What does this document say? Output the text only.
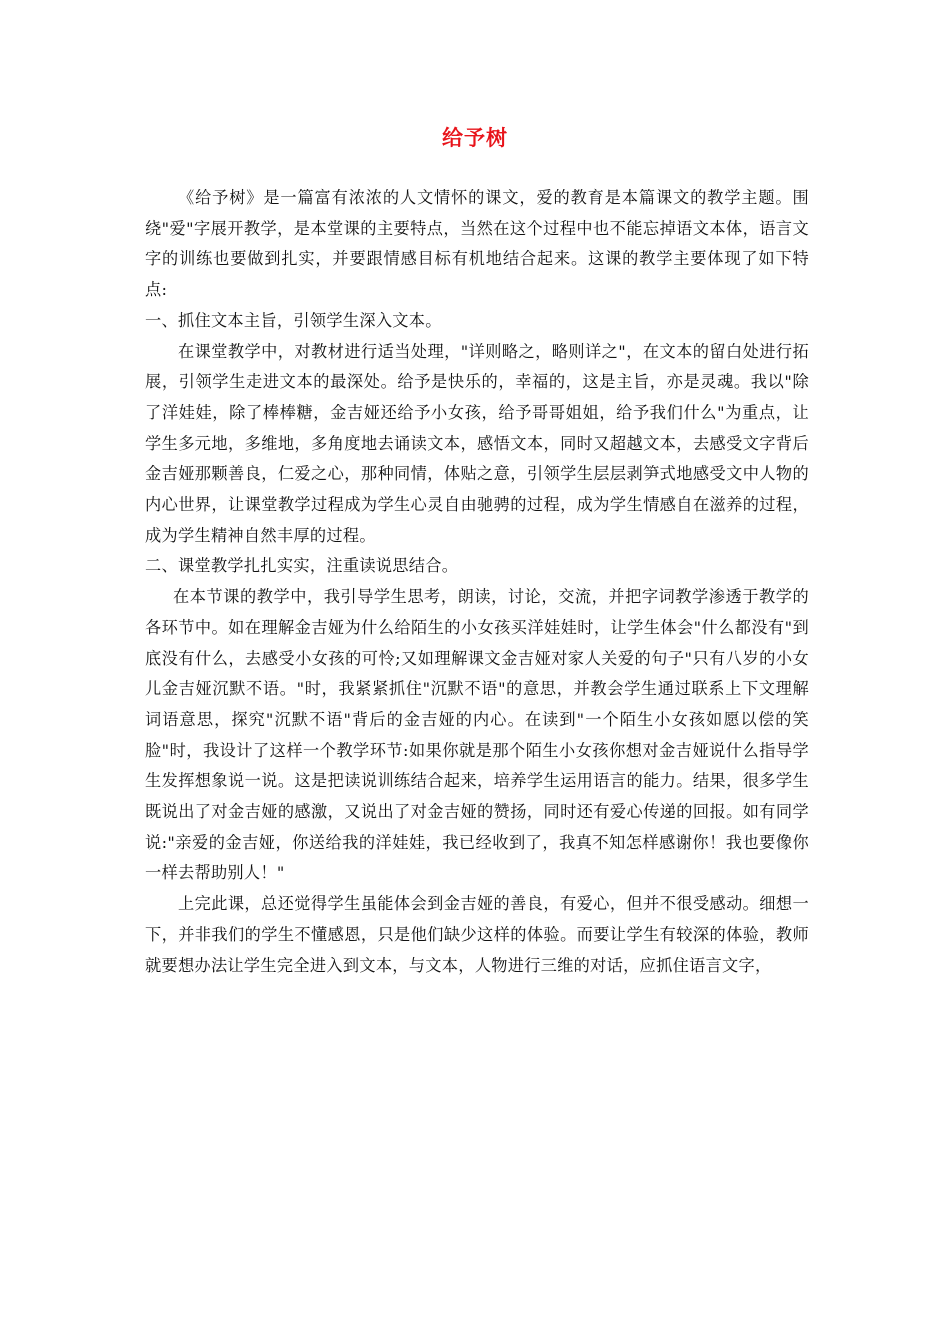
给予树

《给予树》是一篇富有浓浓的人文情怀的课文，爱的教育是本篇课文的教学主题。围绕"爱"字展开教学，是本堂课的主要特点，当然在这个过程中也不能忘掉语文本体，语言文字的训练也要做到扎实，并要跟情感目标有机地结合起来。这课的教学主要体现了如下特点:

一、抓住文本主旨，引领学生深入文本。

在课堂教学中，对教材进行适当处理，"详则略之，略则详之"，在文本的留白处进行拓展，引领学生走进文本的最深处。给予是快乐的，幸福的，这是主旨，亦是灵魂。我以"除了洋娃娃，除了棒棒糖，金吉娅还给予小女孩，给予哥哥姐姐，给予我们什么"为重点，让学生多元地，多维地，多角度地去诵读文本，感悟文本，同时又超越文本，去感受文字背后金吉娅那颗善良，仁爱之心，那种同情，体贴之意，引领学生层层剥笋式地感受文中人物的内心世界，让课堂教学过程成为学生心灵自由驰骋的过程，成为学生情感自在滋养的过程，成为学生精神自然丰厚的过程。

二、课堂教学扎扎实实，注重读说思结合。

在本节课的教学中，我引导学生思考，朗读，讨论，交流，并把字词教学渗透于教学的各环节中。如在理解金吉娅为什么给陌生的小女孩买洋娃娃时，让学生体会"什么都没有"到底没有什么，去感受小女孩的可怜;又如理解课文金吉娅对家人关爱的句子"只有八岁的小女儿金吉娅沉默不语。"时，我紧紧抓住"沉默不语"的意思，并教会学生通过联系上下文理解词语意思，探究"沉默不语"背后的金吉娅的内心。在读到"一个陌生小女孩如愿以偿的笑脸"时，我设计了这样一个教学环节:如果你就是那个陌生小女孩你想对金吉娅说什么指导学生发挥想象说一说。这是把读说训练结合起来，培养学生运用语言的能力。结果，很多学生既说出了对金吉娅的感激，又说出了对金吉娅的赞扬，同时还有爱心传递的回报。如有同学说:"亲爱的金吉娅，你送给我的洋娃娃，我已经收到了，我真不知怎样感谢你！我也要像你一样去帮助别人！"

上完此课，总还觉得学生虽能体会到金吉娅的善良，有爱心，但并不很受感动。细想一下，并非我们的学生不懂感恩，只是他们缺少这样的体验。而要让学生有较深的体验，教师就要想办法让学生完全进入到文本，与文本，人物进行三维的对话，应抓住语言文字，
